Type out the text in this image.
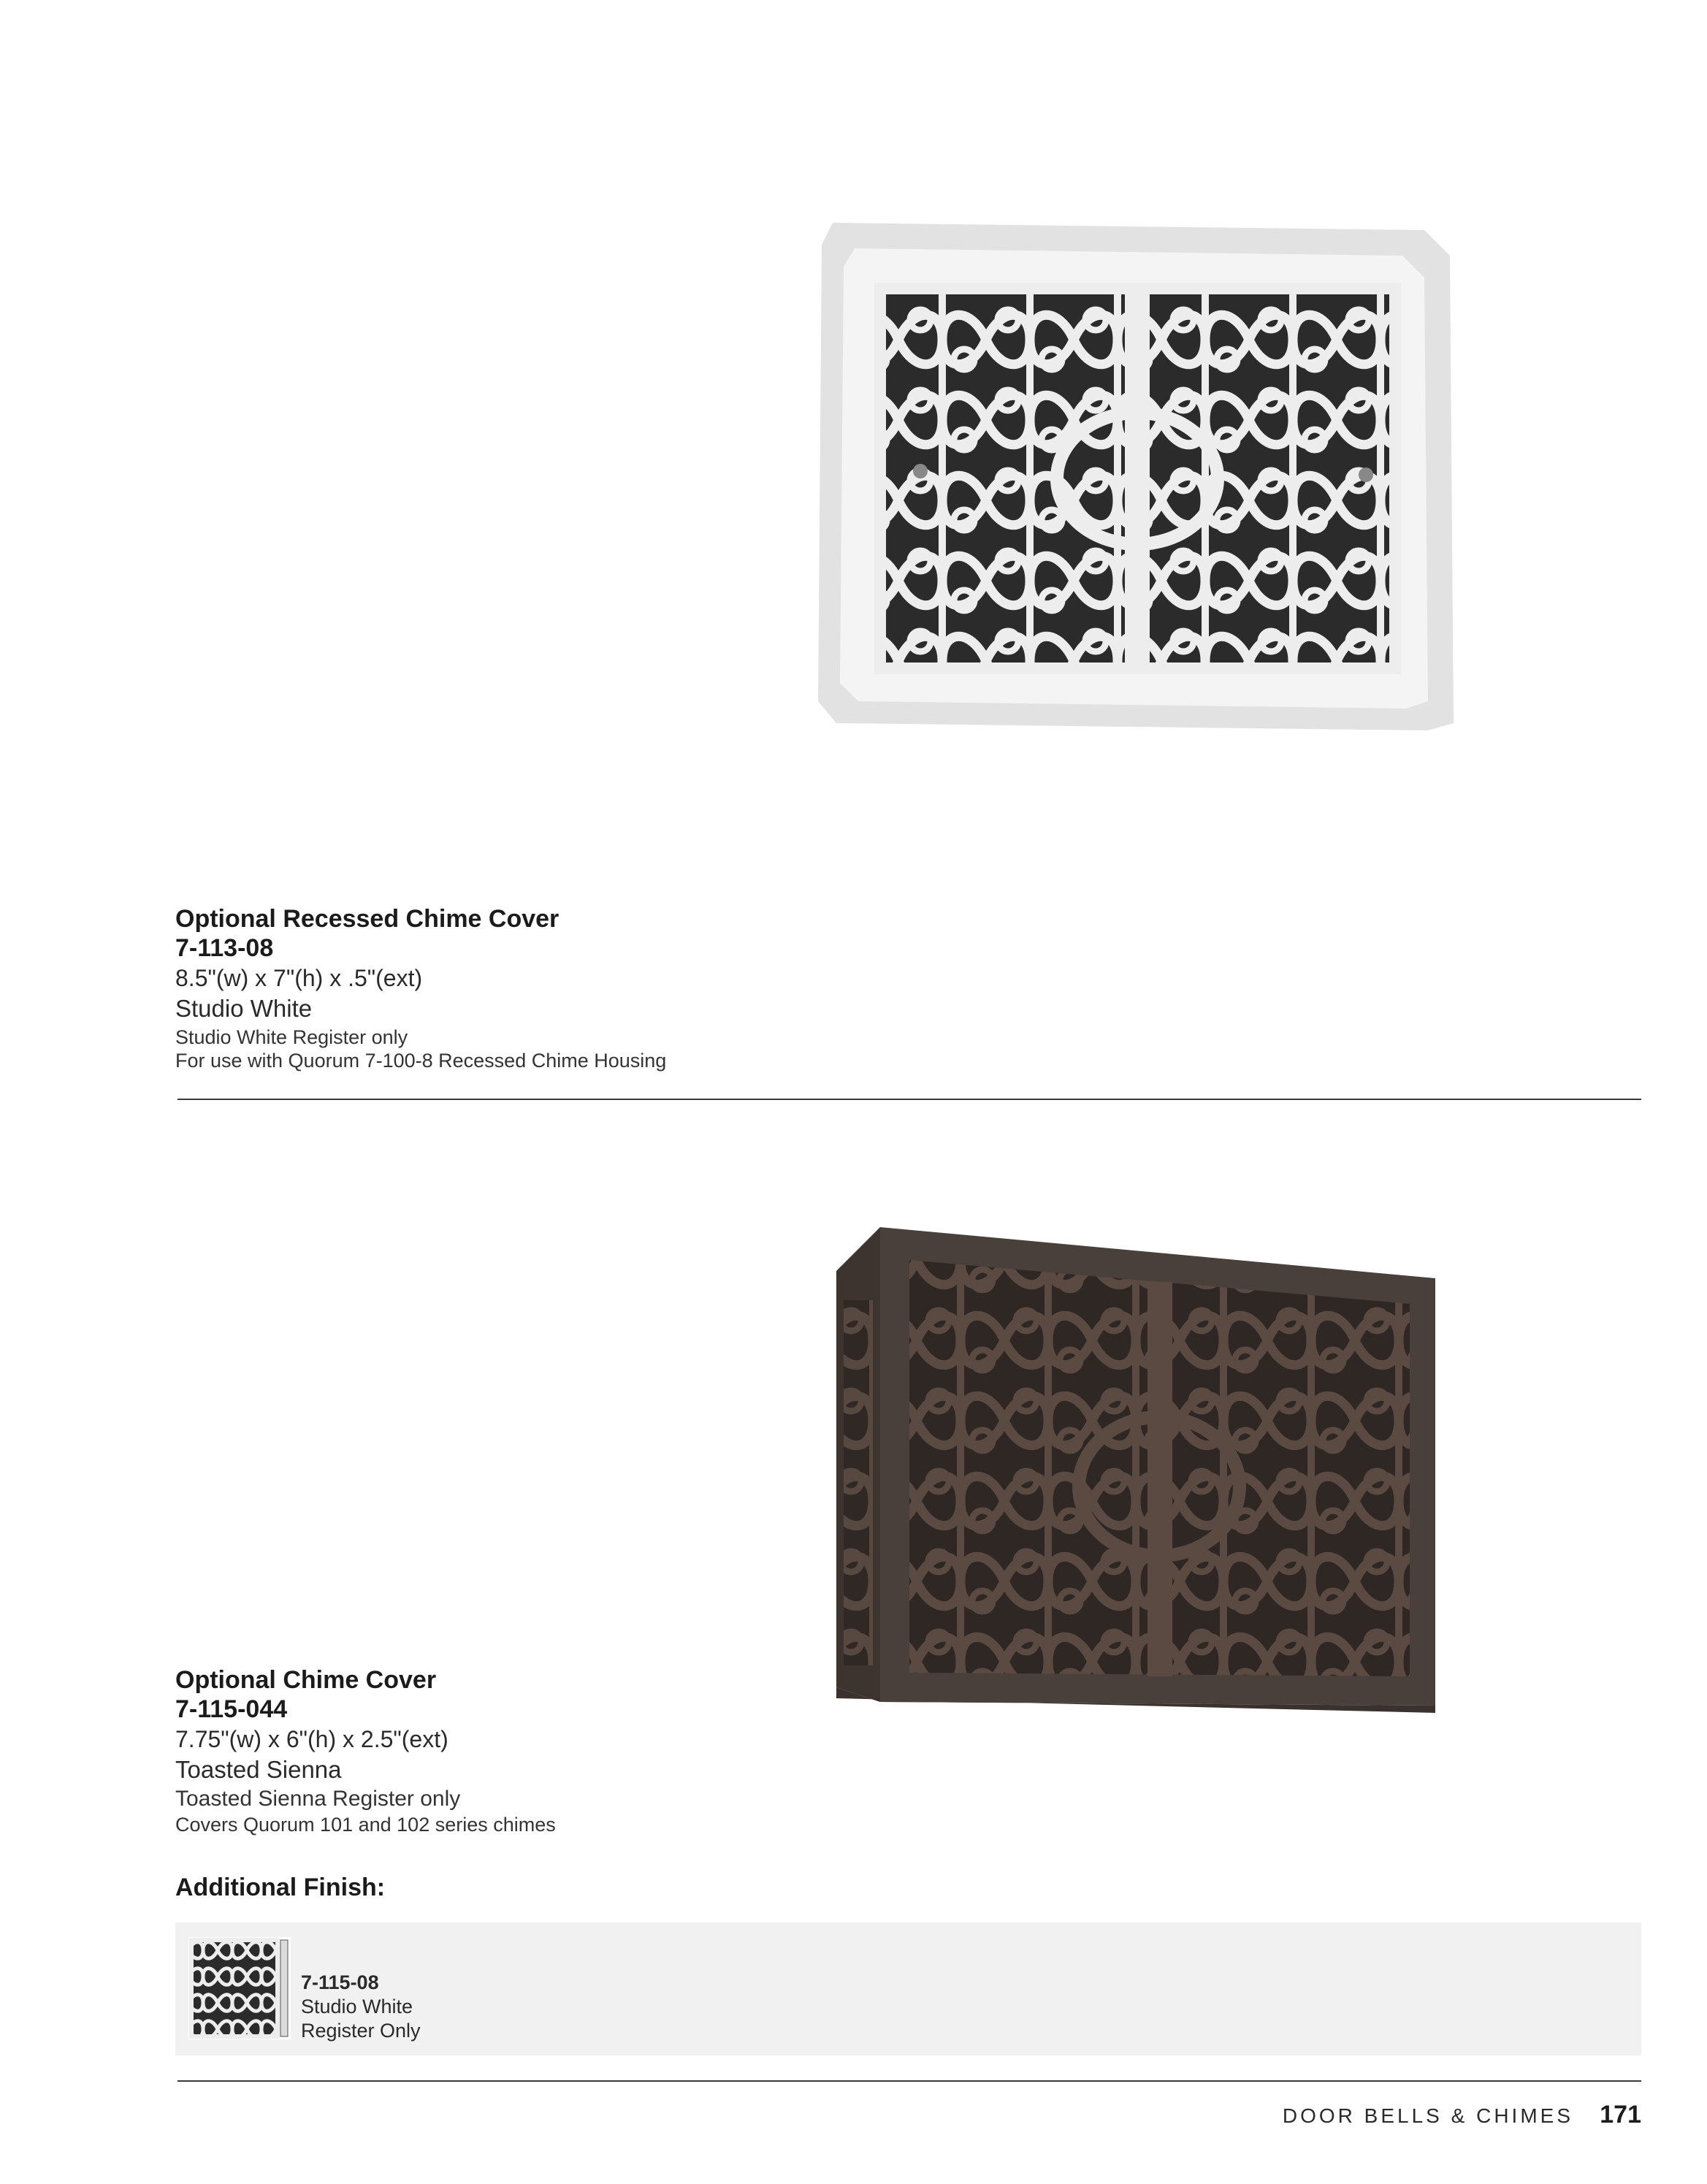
Optional Recessed Chime Cover
7-113-08
8.5"(w) x 7"(h) x .5"(ext)
Studio White
Studio White Register only
For use with Quorum 7-100-8 Recessed Chime Housing
Optional Chime Cover
7-115-044
7.75"(w) x 6"(h) x 2.5"(ext)
Toasted Sienna
Toasted Sienna Register only
Covers Quorum 101 and 102 series chimes
Additional Finish:
7-115-08
Studio White
Register Only
DOOR BELLS & CHIMES 171
